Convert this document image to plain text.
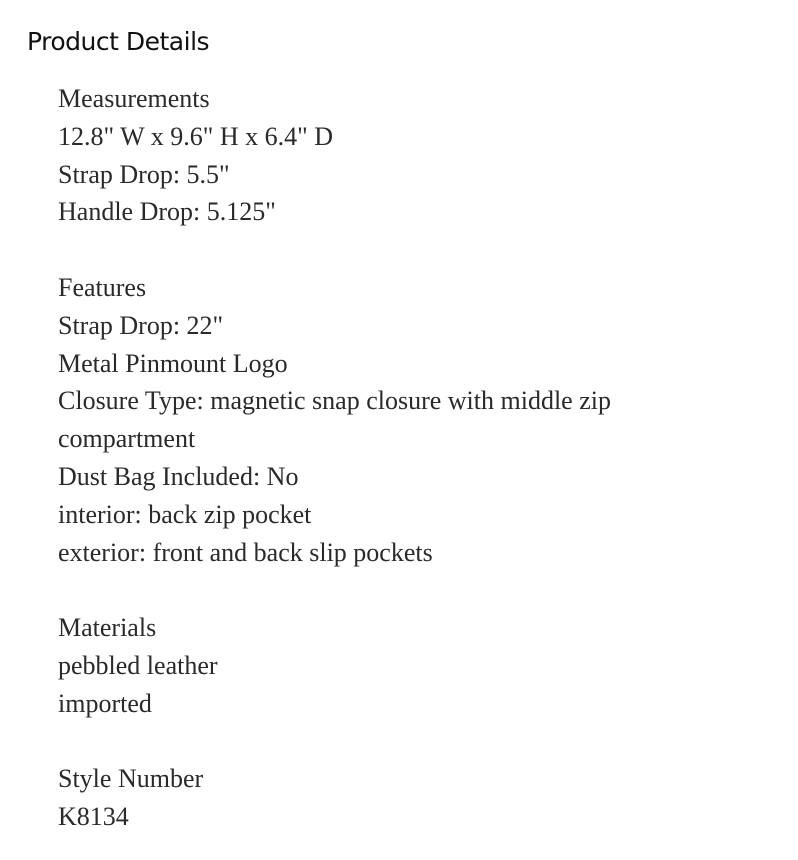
Product Details
Measurements
12.8" W x 9.6" H x 6.4" D
Strap Drop: 5.5"
Handle Drop: 5.125"
Features
Strap Drop: 22"
Metal Pinmount Logo
Closure Type: magnetic snap closure with middle zip
compartment
Dust Bag Included: No
interior: back zip pocket
exterior: front and back slip pockets
Materials
pebbled leather
imported
Style Number
K8134
